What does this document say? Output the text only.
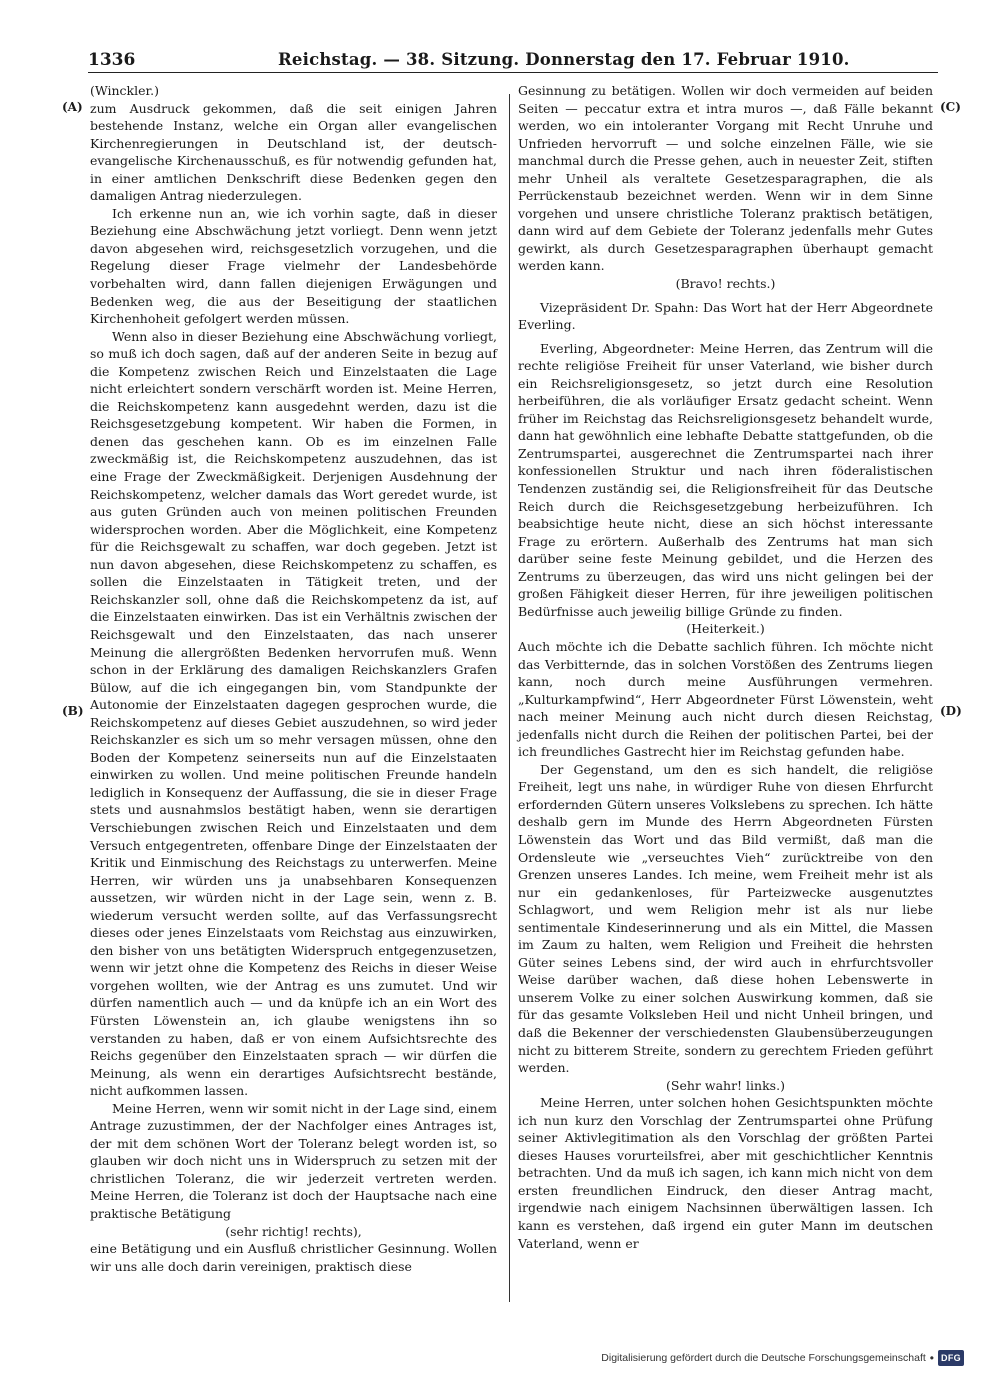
1336	Reichstag. — 38. Sitzung. Donnerstag den 17. Februar 1910.
(A)
(B)
(C)
(D)

(Winckler.)

zum Ausdruck gekommen, daß die seit einigen Jahren bestehende Instanz, welche ein Organ aller evangelischen Kirchenregierungen in Deutschland ist, der deutsch-evangelische Kirchenausschuß, es für notwendig gefunden hat, in einer amtlichen Denkschrift diese Bedenken gegen den damaligen Antrag niederzulegen.

Ich erkenne nun an, wie ich vorhin sagte, daß in dieser Beziehung eine Abschwächung jetzt vorliegt. Denn wenn jetzt davon abgesehen wird, reichsgesetzlich vorzugehen, und die Regelung dieser Frage vielmehr der Landesbehörde vorbehalten wird, dann fallen diejenigen Erwägungen und Bedenken weg, die aus der Beseitigung der staatlichen Kirchenhoheit gefolgert werden müssen.

Wenn also in dieser Beziehung eine Abschwächung vorliegt, so muß ich doch sagen, daß auf der anderen Seite in bezug auf die Kompetenz zwischen Reich und Einzelstaaten die Lage nicht erleichtert sondern verschärft worden ist. Meine Herren, die Reichskompetenz kann ausgedehnt werden, dazu ist die Reichsgesetzgebung kompetent. Wir haben die Formen, in denen das geschehen kann. Ob es im einzelnen Falle zweckmäßig ist, die Reichskompetenz auszudehnen, das ist eine Frage der Zweckmäßigkeit. Derjenigen Ausdehnung der Reichskompetenz, welcher damals das Wort geredet wurde, ist aus guten Gründen auch von meinen politischen Freunden widersprochen worden. Aber die Möglichkeit, eine Kompetenz für die Reichsgewalt zu schaffen, war doch gegeben. Jetzt ist nun davon abgesehen, diese Reichskompetenz zu schaffen, es sollen die Einzelstaaten in Tätigkeit treten, und der Reichskanzler soll, ohne daß die Reichskompetenz da ist, auf die Einzelstaaten einwirken. Das ist ein Verhältnis zwischen der Reichsgewalt und den Einzelstaaten, das nach unserer Meinung die allergrößten Bedenken hervorrufen muß. Wenn schon in der Erklärung des damaligen Reichskanzlers Grafen Bülow, auf die ich eingegangen bin, vom Standpunkte der Autonomie der Einzelstaaten dagegen gesprochen wurde, die Reichskompetenz auf dieses Gebiet auszudehnen, so wird jeder Reichskanzler es sich um so mehr versagen müssen, ohne den Boden der Kompetenz seinerseits nun auf die Einzelstaaten einwirken zu wollen. Und meine politischen Freunde handeln lediglich in Konsequenz der Auffassung, die sie in dieser Frage stets und ausnahmslos bestätigt haben, wenn sie derartigen Verschiebungen zwischen Reich und Einzelstaaten und dem Versuch entgegentreten, offenbare Dinge der Einzelstaaten der Kritik und Einmischung des Reichstags zu unterwerfen. Meine Herren, wir würden uns ja unabsehbaren Konsequenzen aussetzen, wir würden nicht in der Lage sein, wenn z. B. wiederum versucht werden sollte, auf das Verfassungsrecht dieses oder jenes Einzelstaats vom Reichstag aus einzuwirken, den bisher von uns betätigten Widerspruch entgegenzusetzen, wenn wir jetzt ohne die Kompetenz des Reichs in dieser Weise vorgehen wollten, wie der Antrag es uns zumutet. Und wir dürfen namentlich auch — und da knüpfe ich an ein Wort des Fürsten Löwenstein an, ich glaube wenigstens ihn so verstanden zu haben, daß er von einem Aufsichtsrechte des Reichs gegenüber den Einzelstaaten sprach — wir dürfen die Meinung, als wenn ein derartiges Aufsichtsrecht bestände, nicht aufkommen lassen.

Meine Herren, wenn wir somit nicht in der Lage sind, einem Antrage zuzustimmen, der der Nachfolger eines Antrages ist, der mit dem schönen Wort der Toleranz belegt worden ist, so glauben wir doch nicht uns in Widerspruch zu setzen mit der christlichen Toleranz, die wir jederzeit vertreten werden. Meine Herren, die Toleranz ist doch der Hauptsache nach eine praktische Betätigung

(sehr richtig! rechts),

eine Betätigung und ein Ausfluß christlicher Gesinnung. Wollen wir uns alle doch darin vereinigen, praktisch diese

Gesinnung zu betätigen. Wollen wir doch vermeiden auf beiden Seiten — peccatur extra et intra muros —, daß Fälle bekannt werden, wo ein intoleranter Vorgang mit Recht Unruhe und Unfrieden hervorruft — und solche einzelnen Fälle, wie sie manchmal durch die Presse gehen, auch in neuester Zeit, stiften mehr Unheil als veraltete Gesetzesparagraphen, die als Perrückenstaub bezeichnet werden. Wenn wir in dem Sinne vorgehen und unsere christliche Toleranz praktisch betätigen, dann wird auf dem Gebiete der Toleranz jedenfalls mehr Gutes gewirkt, als durch Gesetzesparagraphen überhaupt gemacht werden kann.

(Bravo! rechts.)

Vizepräsident Dr. Spahn: Das Wort hat der Herr Abgeordnete Everling.

Everling, Abgeordneter: Meine Herren, das Zentrum will die rechte religiöse Freiheit für unser Vaterland, wie bisher durch ein Reichsreligionsgesetz, so jetzt durch eine Resolution herbeiführen, die als vorläufiger Ersatz gedacht scheint. Wenn früher im Reichstag das Reichsreligionsgesetz behandelt wurde, dann hat gewöhnlich eine lebhafte Debatte stattgefunden, ob die Zentrumspartei, ausgerechnet die Zentrumspartei nach ihrer konfessionellen Struktur und nach ihren föderalistischen Tendenzen zuständig sei, die Religionsfreiheit für das Deutsche Reich durch die Reichsgesetzgebung herbeizuführen. Ich beabsichtige heute nicht, diese an sich höchst interessante Frage zu erörtern. Außerhalb des Zentrums hat man sich darüber seine feste Meinung gebildet, und die Herzen des Zentrums zu überzeugen, das wird uns nicht gelingen bei der großen Fähigkeit dieser Herren, für ihre jeweiligen politischen Bedürfnisse auch jeweilig billige Gründe zu finden.

(Heiterkeit.)

Auch möchte ich die Debatte sachlich führen. Ich möchte nicht das Verbitternde, das in solchen Vorstößen des Zentrums liegen kann, noch durch meine Ausführungen vermehren. „Kulturkampfwind“, Herr Abgeordneter Fürst Löwenstein, weht nach meiner Meinung auch nicht durch diesen Reichstag, jedenfalls nicht durch die Reihen der politischen Partei, bei der ich freundliches Gastrecht hier im Reichstag gefunden habe.

Der Gegenstand, um den es sich handelt, die religiöse Freiheit, legt uns nahe, in würdiger Ruhe von diesen Ehrfurcht erfordernden Gütern unseres Volkslebens zu sprechen. Ich hätte deshalb gern im Munde des Herrn Abgeordneten Fürsten Löwenstein das Wort und das Bild vermißt, daß man die Ordensleute wie „verseuchtes Vieh“ zurücktreibe von den Grenzen unseres Landes. Ich meine, wem Freiheit mehr ist als nur ein gedankenloses, für Parteizwecke ausgenutztes Schlagwort, und wem Religion mehr ist als nur liebe sentimentale Kindeserinnerung und als ein Mittel, die Massen im Zaum zu halten, wem Religion und Freiheit die hehrsten Güter seines Lebens sind, der wird auch in ehrfurchtsvoller Weise darüber wachen, daß diese hohen Lebenswerte in unserem Volke zu einer solchen Auswirkung kommen, daß sie für das gesamte Volksleben Heil und nicht Unheil bringen, und daß die Bekenner der verschiedensten Glaubensüberzeugungen nicht zu bitterem Streite, sondern zu gerechtem Frieden geführt werden.

(Sehr wahr! links.)

Meine Herren, unter solchen hohen Gesichtspunkten möchte ich nun kurz den Vorschlag der Zentrumspartei ohne Prüfung seiner Aktivlegitimation als den Vorschlag der größten Partei dieses Hauses vorurteilsfrei, aber mit geschichtlicher Kenntnis betrachten. Und da muß ich sagen, ich kann mich nicht von dem ersten freundlichen Eindruck, den dieser Antrag macht, irgendwie nach einigem Nachsinnen überwältigen lassen. Ich kann es verstehen, daß irgend ein guter Mann im deutschen Vaterland, wenn er

Digitalisierung gefördert durch die Deutsche Forschungsgemeinschaft • DFG
